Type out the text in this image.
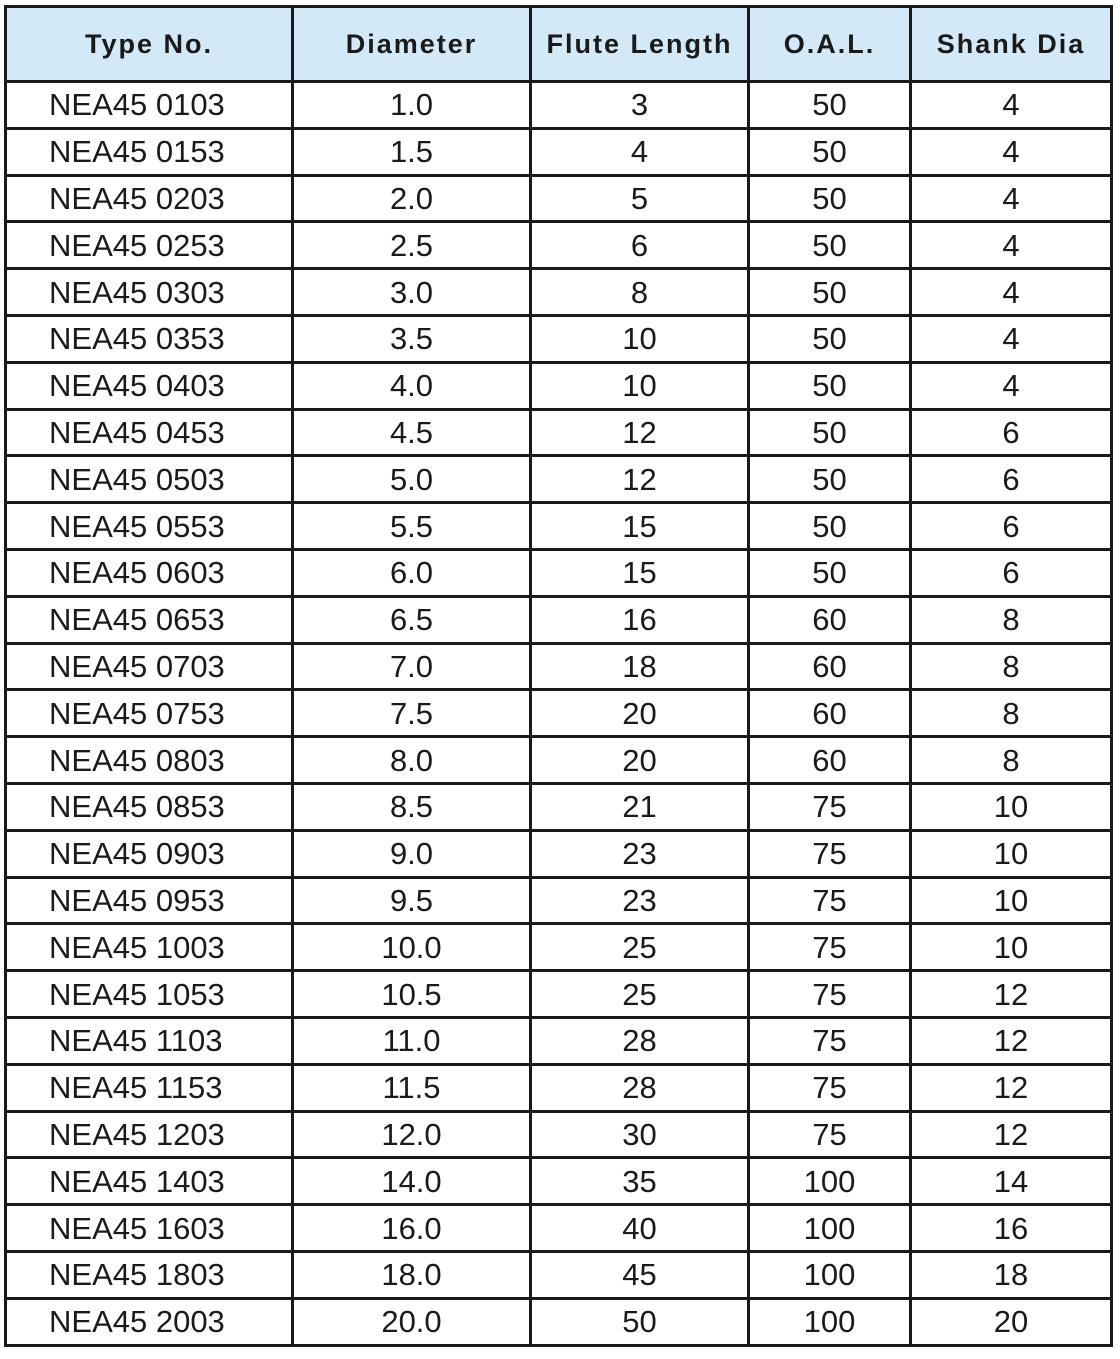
Type No.	Diameter	Flute Length	O.A.L.	Shank Dia
NEA45 0103	1.0	3	50	4
NEA45 0153	1.5	4	50	4
NEA45 0203	2.0	5	50	4
NEA45 0253	2.5	6	50	4
NEA45 0303	3.0	8	50	4
NEA45 0353	3.5	10	50	4
NEA45 0403	4.0	10	50	4
NEA45 0453	4.5	12	50	6
NEA45 0503	5.0	12	50	6
NEA45 0553	5.5	15	50	6
NEA45 0603	6.0	15	50	6
NEA45 0653	6.5	16	60	8
NEA45 0703	7.0	18	60	8
NEA45 0753	7.5	20	60	8
NEA45 0803	8.0	20	60	8
NEA45 0853	8.5	21	75	10
NEA45 0903	9.0	23	75	10
NEA45 0953	9.5	23	75	10
NEA45 1003	10.0	25	75	10
NEA45 1053	10.5	25	75	12
NEA45 1103	11.0	28	75	12
NEA45 1153	11.5	28	75	12
NEA45 1203	12.0	30	75	12
NEA45 1403	14.0	35	100	14
NEA45 1603	16.0	40	100	16
NEA45 1803	18.0	45	100	18
NEA45 2003	20.0	50	100	20
